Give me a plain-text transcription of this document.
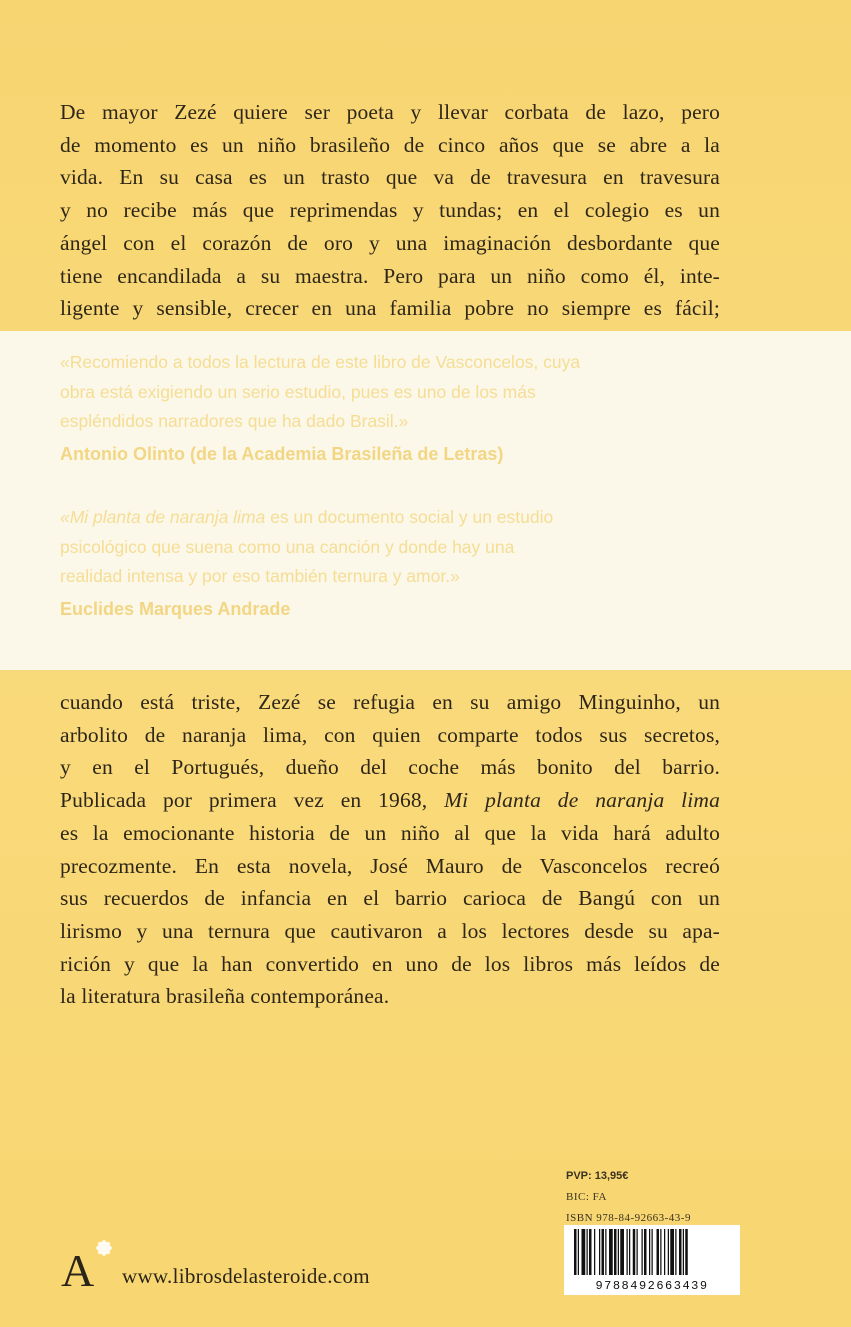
De mayor Zezé quiere ser poeta y llevar corbata de lazo, pero
de momento es un niño brasileño de cinco años que se abre a la
vida. En su casa es un trasto que va de travesura en travesura
y no recibe más que reprimendas y tundas; en el colegio es un
ángel con el corazón de oro y una imaginación desbordante que
tiene encandilada a su maestra. Pero para un niño como él, inte-
ligente y sensible, crecer en una familia pobre no siempre es fácil;
«Recomiendo a todos la lectura de este libro de Vasconcelos, cuya
obra está exigiendo un serio estudio, pues es uno de los más
espléndidos narradores que ha dado Brasil.»
Antonio Olinto (de la Academia Brasileña de Letras)
«Mi planta de naranja lima es un documento social y un estudio
psicológico que suena como una canción y donde hay una
realidad intensa y por eso también ternura y amor.»
Euclides Marques Andrade
cuando está triste, Zezé se refugia en su amigo Minguinho, un
arbolito de naranja lima, con quien comparte todos sus secretos,
y en el Portugués, dueño del coche más bonito del barrio.
Publicada por primera vez en 1968, Mi planta de naranja lima
es la emocionante historia de un niño al que la vida hará adulto
precozmente. En esta novela, José Mauro de Vasconcelos recreó
sus recuerdos de infancia en el barrio carioca de Bangú con un
lirismo y una ternura que cautivaron a los lectores desde su apa-
rición y que la han convertido en uno de los libros más leídos de
la literatura brasileña contemporánea.
PVP: 13,95€
BIC: FA
ISBN 978-84-92663-43-9
9788492663439
A www.librosdelasteroide.com
